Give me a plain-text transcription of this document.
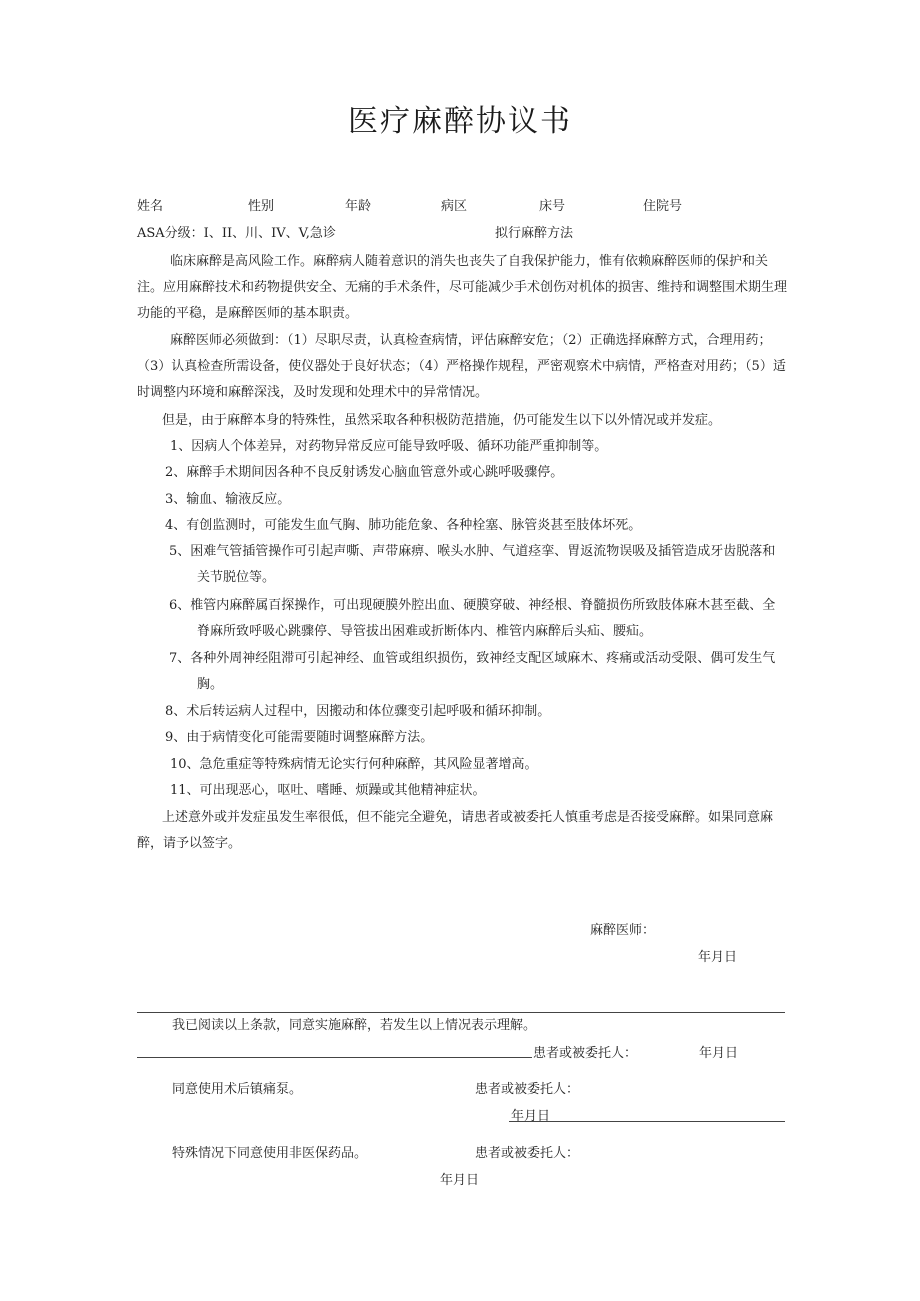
医疗麻醉协议书
姓名	性别	年龄	病区	床号	住院号
ASA分级：I、II、川、IV、V,急诊	拟行麻醉方法
临床麻醉是高风险工作。麻醉病人随着意识的消失也丧失了自我保护能力，惟有依赖麻醉医师的保护和关注。应用麻醉技术和药物提供安全、无痛的手术条件，尽可能减少手术创伤对机体的损害、维持和调整围术期生理功能的平稳，是麻醉医师的基本职责。
麻醉医师必须做到：（1）尽职尽责，认真检查病情，评估麻醉安危；（2）正确选择麻醉方式，合理用药；（3）认真检查所需设备，使仪器处于良好状态；（4）严格操作规程，严密观察术中病情，严格查对用药；（5）适时调整内环境和麻醉深浅，及时发现和处理术中的异常情况。
但是，由于麻醉本身的特殊性，虽然采取各种积极防范措施，仍可能发生以下以外情况或并发症。
1、因病人个体差异，对药物异常反应可能导致呼吸、循环功能严重抑制等。
2、麻醉手术期间因各种不良反射诱发心脑血管意外或心跳呼吸骤停。
3、输血、输液反应。
4、有创监测时，可能发生血气胸、肺功能危象、各种栓塞、脉管炎甚至肢体坏死。
5、困难气管插管操作可引起声嘶、声带麻痹、喉头水肿、气道痉挛、胃返流物误吸及插管造成牙齿脱落和关节脱位等。
6、椎管内麻醉属百探操作，可出现硬膜外腔出血、硬膜穿破、神经根、脊髓损伤所致肢体麻木甚至截、全脊麻所致呼吸心跳骤停、导管拔出困难或折断体内、椎管内麻醉后头疝、腰疝。
7、各种外周神经阻滞可引起神经、血管或组织损伤，致神经支配区域麻木、疼痛或活动受限、偶可发生气胸。
8、术后转运病人过程中，因搬动和体位骤变引起呼吸和循环抑制。
9、由于病情变化可能需要随时调整麻醉方法。
10、急危重症等特殊病情无论实行何种麻醉，其风险显著增高。
11、可出现恶心，呕吐、嗜睡、烦躁或其他精神症状。
上述意外或并发症虽发生率很低，但不能完全避免，请患者或被委托人慎重考虑是否接受麻醉。如果同意麻醉，请予以签字。
麻醉医师：
年月日
我已阅读以上条款，同意实施麻醉，若发生以上情况表示理解。
患者或被委托人：	年月日
同意使用术后镇痛泵。	患者或被委托人：
年月日
特殊情况下同意使用非医保药品。	患者或被委托人：
年月日
